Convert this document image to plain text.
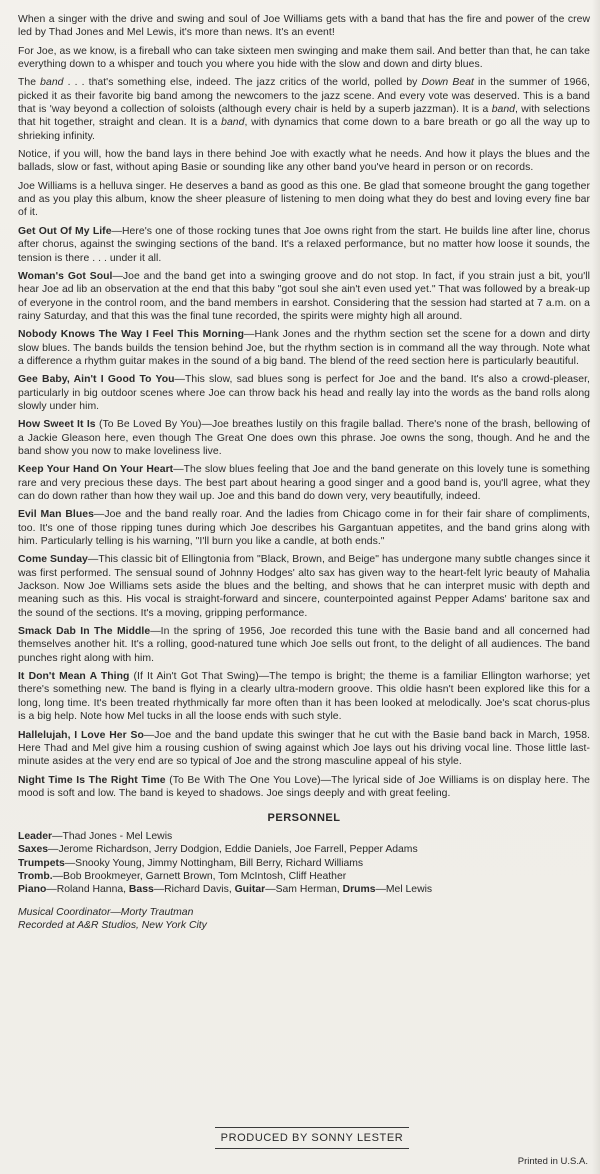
When a singer with the drive and swing and soul of Joe Williams gets with a band that has the fire and power of the crew led by Thad Jones and Mel Lewis, it's more than news. It's an event!

For Joe, as we know, is a fireball who can take sixteen men swinging and make them sail. And better than that, he can take everything down to a whisper and touch you where you hide with the slow and down and dirty blues.

The band . . . that's something else, indeed. The jazz critics of the world, polled by Down Beat in the summer of 1966, picked it as their favorite big band among the newcomers to the jazz scene. And every vote was deserved. This is a band that is 'way beyond a collection of soloists (although every chair is held by a superb jazzman). It is a band, with selections that hit together, straight and clean. It is a band, with dynamics that come down to a bare breath or go all the way up to shrieking infinity.

Notice, if you will, how the band lays in there behind Joe with exactly what he needs. And how it plays the blues and the ballads, slow or fast, without aping Basie or sounding like any other band you've heard in person or on records.

Joe Williams is a helluva singer. He deserves a band as good as this one. Be glad that someone brought the gang together and as you play this album, know the sheer pleasure of listening to men doing what they do best and loving every fine bar of it.

Get Out Of My Life—Here's one of those rocking tunes that Joe owns right from the start. He builds line after line, chorus after chorus, against the swinging sections of the band. It's a relaxed performance, but no matter how loose it sounds, the tension is there . . . under it all.

Woman's Got Soul—Joe and the band get into a swinging groove and do not stop. In fact, if you strain just a bit, you'll hear Joe ad lib an observation at the end that this baby "got soul she ain't even used yet." That was followed by a break-up of everyone in the control room, and the band members in earshot. Considering that the session had started at 7 a.m. on a rainy Saturday, and that this was the final tune recorded, the spirits were mighty high all around.

Nobody Knows The Way I Feel This Morning—Hank Jones and the rhythm section set the scene for a down and dirty slow blues. The bands builds the tension behind Joe, but the rhythm section is in command all the way through. Note what a difference a rhythm guitar makes in the sound of a big band. The blend of the reed section here is particularly beautiful.

Gee Baby, Ain't I Good To You—This slow, sad blues song is perfect for Joe and the band. It's also a crowd-pleaser, particularly in big outdoor scenes where Joe can throw back his head and really lay into the words as the band rolls along slowly under him.

How Sweet It Is (To Be Loved By You)—Joe breathes lustily on this fragile ballad. There's none of the brash, bellowing of a Jackie Gleason here, even though The Great One does own this phrase. Joe owns the song, though. And he and the band show you now to make loveliness live.

Keep Your Hand On Your Heart—The slow blues feeling that Joe and the band generate on this lovely tune is something rare and very precious these days. The best part about hearing a good singer and a good band is, you'll agree, what they can do down rather than how they wail up. Joe and this band do down very, very beautifully, indeed.

Evil Man Blues—Joe and the band really roar. And the ladies from Chicago come in for their fair share of compliments, too. It's one of those ripping tunes during which Joe describes his Gargantuan appetites, and the band grins along with him. Particularly telling is his warning, "I'll burn you like a candle, at both ends."

Come Sunday—This classic bit of Ellingtonia from "Black, Brown, and Beige" has undergone many subtle changes since it was first performed. The sensual sound of Johnny Hodges' alto sax has given way to the heart-felt lyric beauty of Mahalia Jackson. Now Joe Williams sets aside the blues and the belting, and shows that he can interpret music with depth and meaning such as this. His vocal is straight-forward and sincere, counterpointed against Pepper Adams' baritone sax and the sound of the sections. It's a moving, gripping performance.

Smack Dab In The Middle—In the spring of 1956, Joe recorded this tune with the Basie band and all concerned had themselves another hit. It's a rolling, good-natured tune which Joe sells out front, to the delight of all audiences. The band punches right along with him.

It Don't Mean A Thing (If It Ain't Got That Swing)—The tempo is bright; the theme is a familiar Ellington warhorse; yet there's something new. The band is flying in a clearly ultra-modern groove. This oldie hasn't been explored like this for a long, long time. It's been treated rhythmically far more often than it has been looked at melodically. Joe's scat chorus-plus is a big help. Note how Mel tucks in all the loose ends with such style.

Hallelujah, I Love Her So—Joe and the band update this swinger that he cut with the Basie band back in March, 1958. Here Thad and Mel give him a rousing cushion of swing against which Joe lays out his driving vocal line. Those little last-minute asides at the very end are so typical of Joe and the strong masculine appeal of his style.

Night Time Is The Right Time (To Be With The One You Love)—The lyrical side of Joe Williams is on display here. The mood is soft and low. The band is keyed to shadows. Joe sings deeply and with great feeling.

PERSONNEL
Leader—Thad Jones - Mel Lewis
Saxes—Jerome Richardson, Jerry Dodgion, Eddie Daniels, Joe Farrell, Pepper Adams
Trumpets—Snooky Young, Jimmy Nottingham, Bill Berry, Richard Williams
Tromb.—Bob Brookmeyer, Garnett Brown, Tom McIntosh, Cliff Heather
Piano—Roland Hanna, Bass—Richard Davis, Guitar—Sam Herman, Drums—Mel Lewis
Musical Coordinator—Morty Trautman
Recorded at A&R Studios, New York City
PRODUCED BY SONNY LESTER
Printed in U.S.A.
